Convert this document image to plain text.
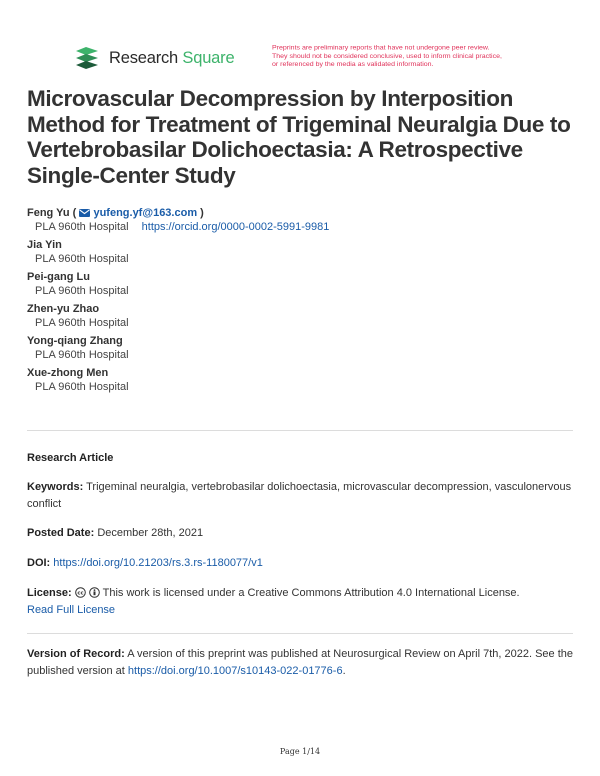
Research Square
Preprints are preliminary reports that have not undergone peer review.
They should not be considered conclusive, used to inform clinical practice,
or referenced by the media as validated information.
Microvascular Decompression by Interposition Method for Treatment of Trigeminal Neuralgia Due to Vertebrobasilar Dolichoectasia: A Retrospective Single-Center Study
Feng Yu (  yufeng.yf@163.com )
PLA 960th Hospital https://orcid.org/0000-0002-5991-9981
Jia Yin
PLA 960th Hospital
Pei-gang Lu
PLA 960th Hospital
Zhen-yu Zhao
PLA 960th Hospital
Yong-qiang Zhang
PLA 960th Hospital
Xue-zhong Men
PLA 960th Hospital
Research Article
Keywords: Trigeminal neuralgia, vertebrobasilar dolichoectasia, microvascular decompression, vasculonervous conflict
Posted Date: December 28th, 2021
DOI: https://doi.org/10.21203/rs.3.rs-1180077/v1
License: cc This work is licensed under a Creative Commons Attribution 4.0 International License.
Read Full License
Version of Record: A version of this preprint was published at Neurosurgical Review on April 7th, 2022. See the published version at https://doi.org/10.1007/s10143-022-01776-6.
Page 1/14
